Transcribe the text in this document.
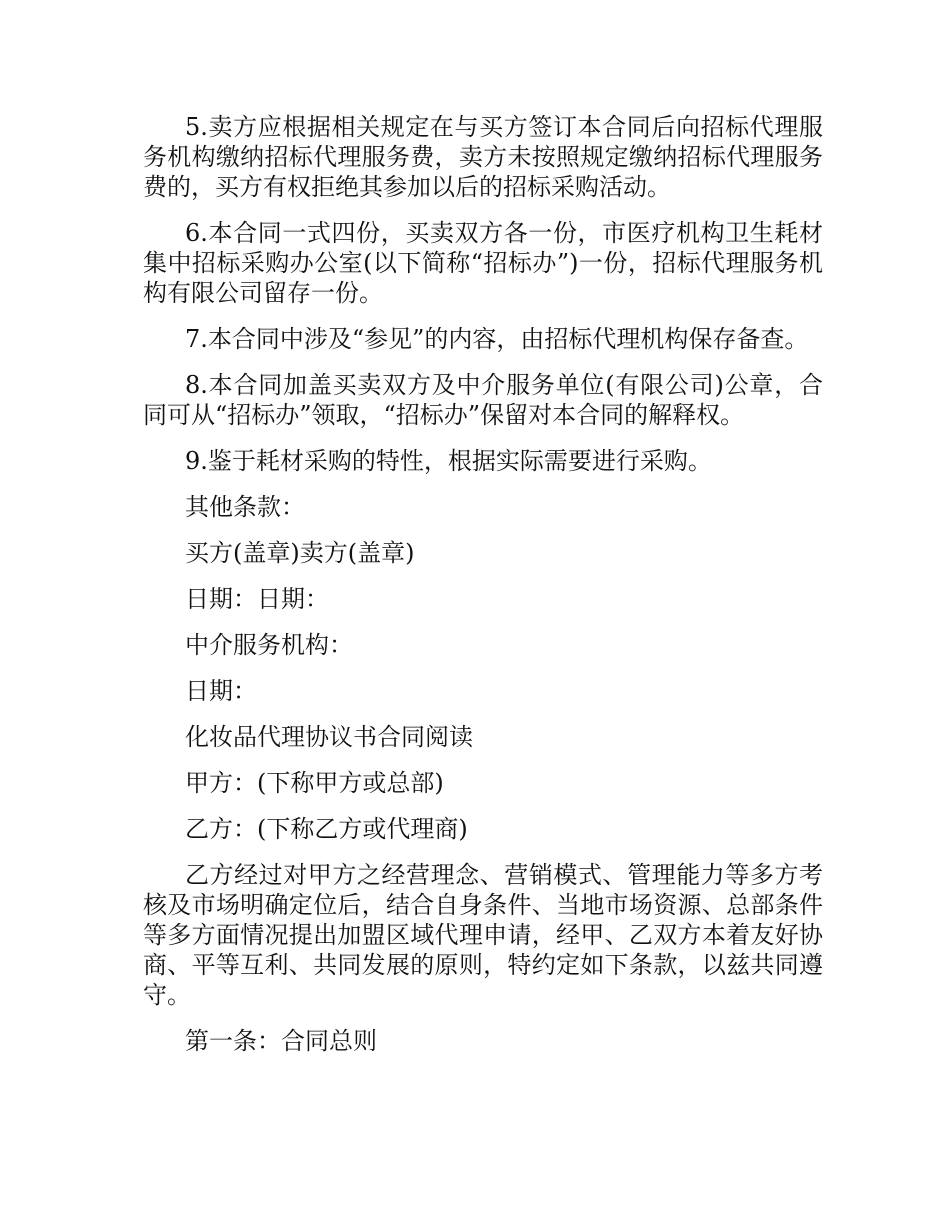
5.卖方应根据相关规定在与买方签订本合同后向招标代理服务机构缴纳招标代理服务费，卖方未按照规定缴纳招标代理服务费的，买方有权拒绝其参加以后的招标采购活动。

6.本合同一式四份，买卖双方各一份，市医疗机构卫生耗材集中招标采购办公室(以下简称“招标办”)一份，招标代理服务机构有限公司留存一份。

7.本合同中涉及“参见”的内容，由招标代理机构保存备查。

8.本合同加盖买卖双方及中介服务单位(有限公司)公章，合同可从“招标办”领取，“招标办”保留对本合同的解释权。

9.鉴于耗材采购的特性，根据实际需要进行采购。

其他条款：

买方(盖章)卖方(盖章)

日期：日期：

中介服务机构：

日期：

化妆品代理协议书合同阅读

甲方：(下称甲方或总部)

乙方：(下称乙方或代理商)

乙方经过对甲方之经营理念、营销模式、管理能力等多方考核及市场明确定位后，结合自身条件、当地市场资源、总部条件等多方面情况提出加盟区域代理申请，经甲、乙双方本着友好协商、平等互利、共同发展的原则，特约定如下条款，以兹共同遵守。

第一条：合同总则
